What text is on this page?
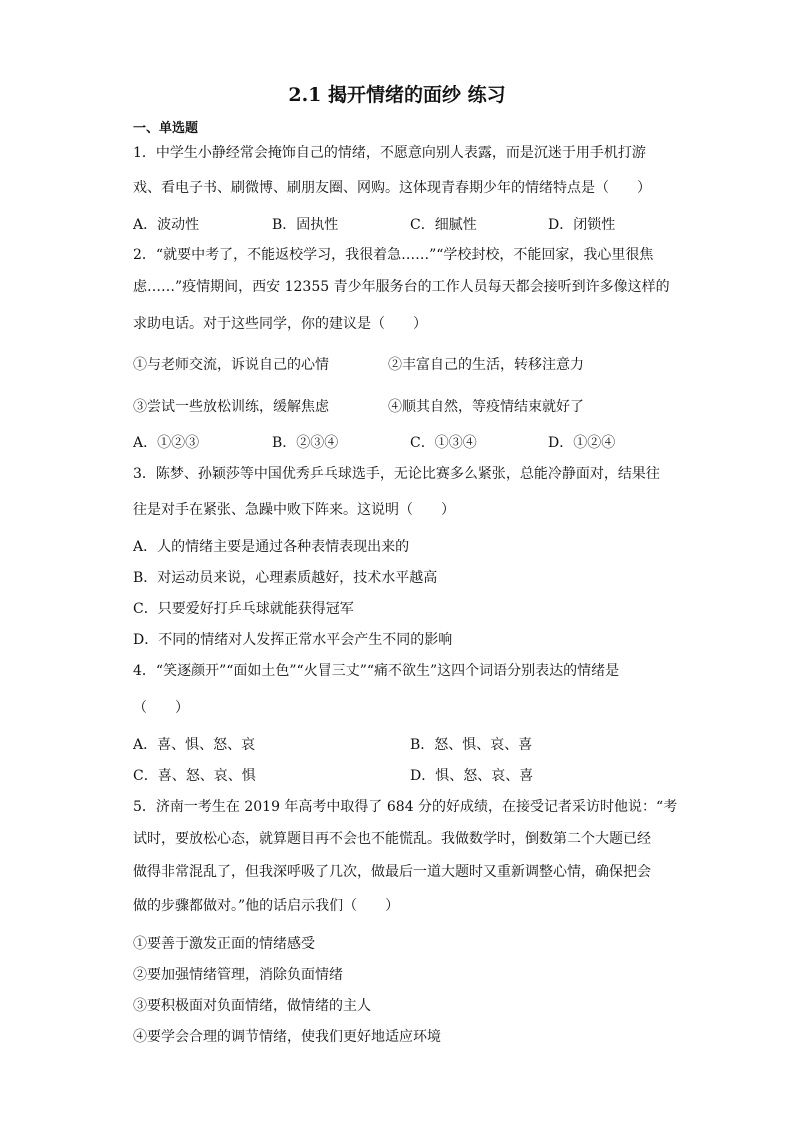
2.1 揭开情绪的面纱 练习
一、单选题
1．中学生小静经常会掩饰自己的情绪，不愿意向别人表露，而是沉迷于用手机打游
戏、看电子书、刷微博、刷朋友圈、网购。这体现青春期少年的情绪特点是（　　）
A．波动性	B．固执性	C．细腻性	D．闭锁性
2．“就要中考了，不能返校学习，我很着急……”“学校封校，不能回家，我心里很焦
虑……”疫情期间，西安 12355 青少年服务台的工作人员每天都会接听到许多像这样的
求助电话。对于这些同学，你的建议是（　　）
①与老师交流，诉说自己的心情	②丰富自己的生活，转移注意力
③尝试一些放松训练，缓解焦虑	④顺其自然，等疫情结束就好了
A．①②③	B．②③④	C．①③④	D．①②④
3．陈梦、孙颖莎等中国优秀乒乓球选手，无论比赛多么紧张，总能冷静面对，结果往
往是对手在紧张、急躁中败下阵来。这说明（　　）
A．人的情绪主要是通过各种表情表现出来的
B．对运动员来说，心理素质越好，技术水平越高
C．只要爱好打乒乓球就能获得冠军
D．不同的情绪对人发挥正常水平会产生不同的影响
4．“笑逐颜开”“面如土色”“火冒三丈”“痛不欲生”这四个词语分别表达的情绪是
（　　）
A．喜、惧、怒、哀	B．怒、惧、哀、喜
C．喜、怒、哀、惧	D．惧、怒、哀、喜
5．济南一考生在 2019 年高考中取得了 684 分的好成绩，在接受记者采访时他说：“考
试时，要放松心态，就算题目再不会也不能慌乱。我做数学时，倒数第二个大题已经
做得非常混乱了，但我深呼吸了几次，做最后一道大题时又重新调整心情，确保把会
做的步骤都做对。”他的话启示我们（　　）
①要善于激发正面的情绪感受
②要加强情绪管理，消除负面情绪
③要积极面对负面情绪，做情绪的主人
④要学会合理的调节情绪，使我们更好地适应环境
